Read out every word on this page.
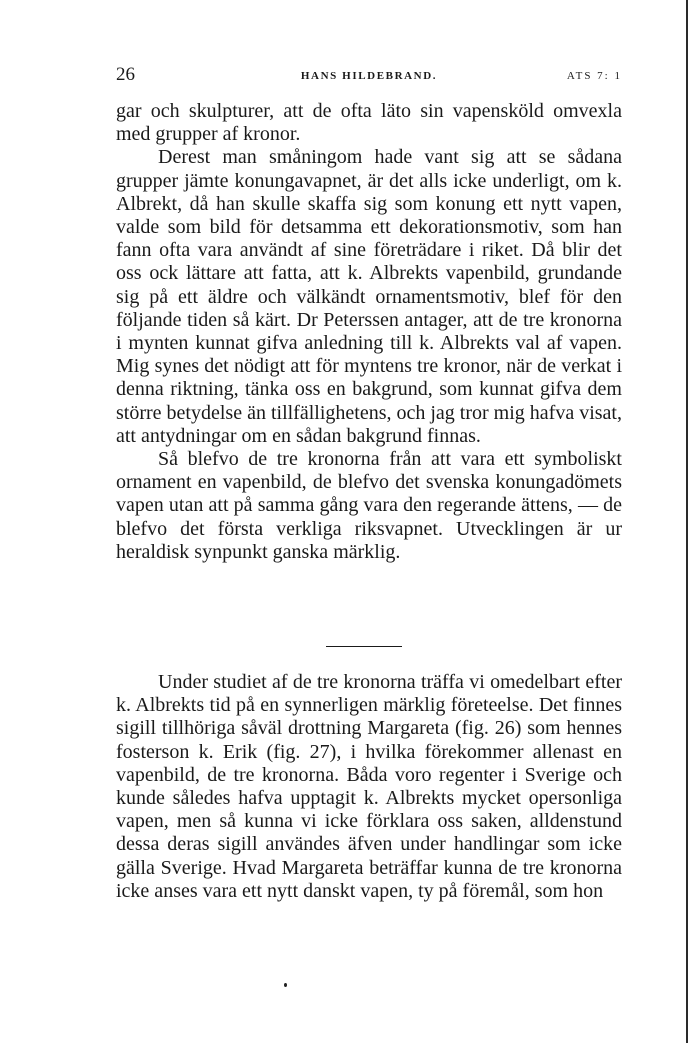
26	HANS HILDEBRAND.	ATS 7: 1

gar och skulpturer, att de ofta läto sin vapensköld omvexla med grupper af kronor.

Derest man småningom hade vant sig att se sådana grupper jämte konungavapnet, är det alls icke underligt, om k. Albrekt, då han skulle skaffa sig som konung ett nytt vapen, valde som bild för detsamma ett dekorationsmotiv, som han fann ofta vara användt af sine företrädare i riket. Då blir det oss ock lättare att fatta, att k. Albrekts vapenbild, grundande sig på ett äldre och välkändt ornamentsmotiv, blef för den följande tiden så kärt. Dr Peterssen antager, att de tre kronorna i mynten kunnat gifva anledning till k. Albrekts val af vapen. Mig synes det nödigt att för myntens tre kronor, när de verkat i denna riktning, tänka oss en bakgrund, som kunnat gifva dem större betydelse än tillfällighetens, och jag tror mig hafva visat, att antydningar om en sådan bakgrund finnas.

Så blefvo de tre kronorna från att vara ett symboliskt ornament en vapenbild, de blefvo det svenska konungadömets vapen utan att på samma gång vara den regerande ättens, — de blefvo det första verkliga riksvapnet. Utvecklingen är ur heraldisk synpunkt ganska märklig.

Under studiet af de tre kronorna träffa vi omedelbart efter k. Albrekts tid på en synnerligen märklig företeelse. Det finnes sigill tillhöriga såväl drottning Margareta (fig. 26) som hennes fosterson k. Erik (fig. 27), i hvilka förekommer allenast en vapenbild, de tre kronorna. Båda voro regenter i Sverige och kunde således hafva upptagit k. Albrekts mycket opersonliga vapen, men så kunna vi icke förklara oss saken, alldenstund dessa deras sigill användes äfven under handlingar som icke gälla Sverige. Hvad Margareta beträffar kunna de tre kronorna icke anses vara ett nytt danskt vapen, ty på föremål, som hon
